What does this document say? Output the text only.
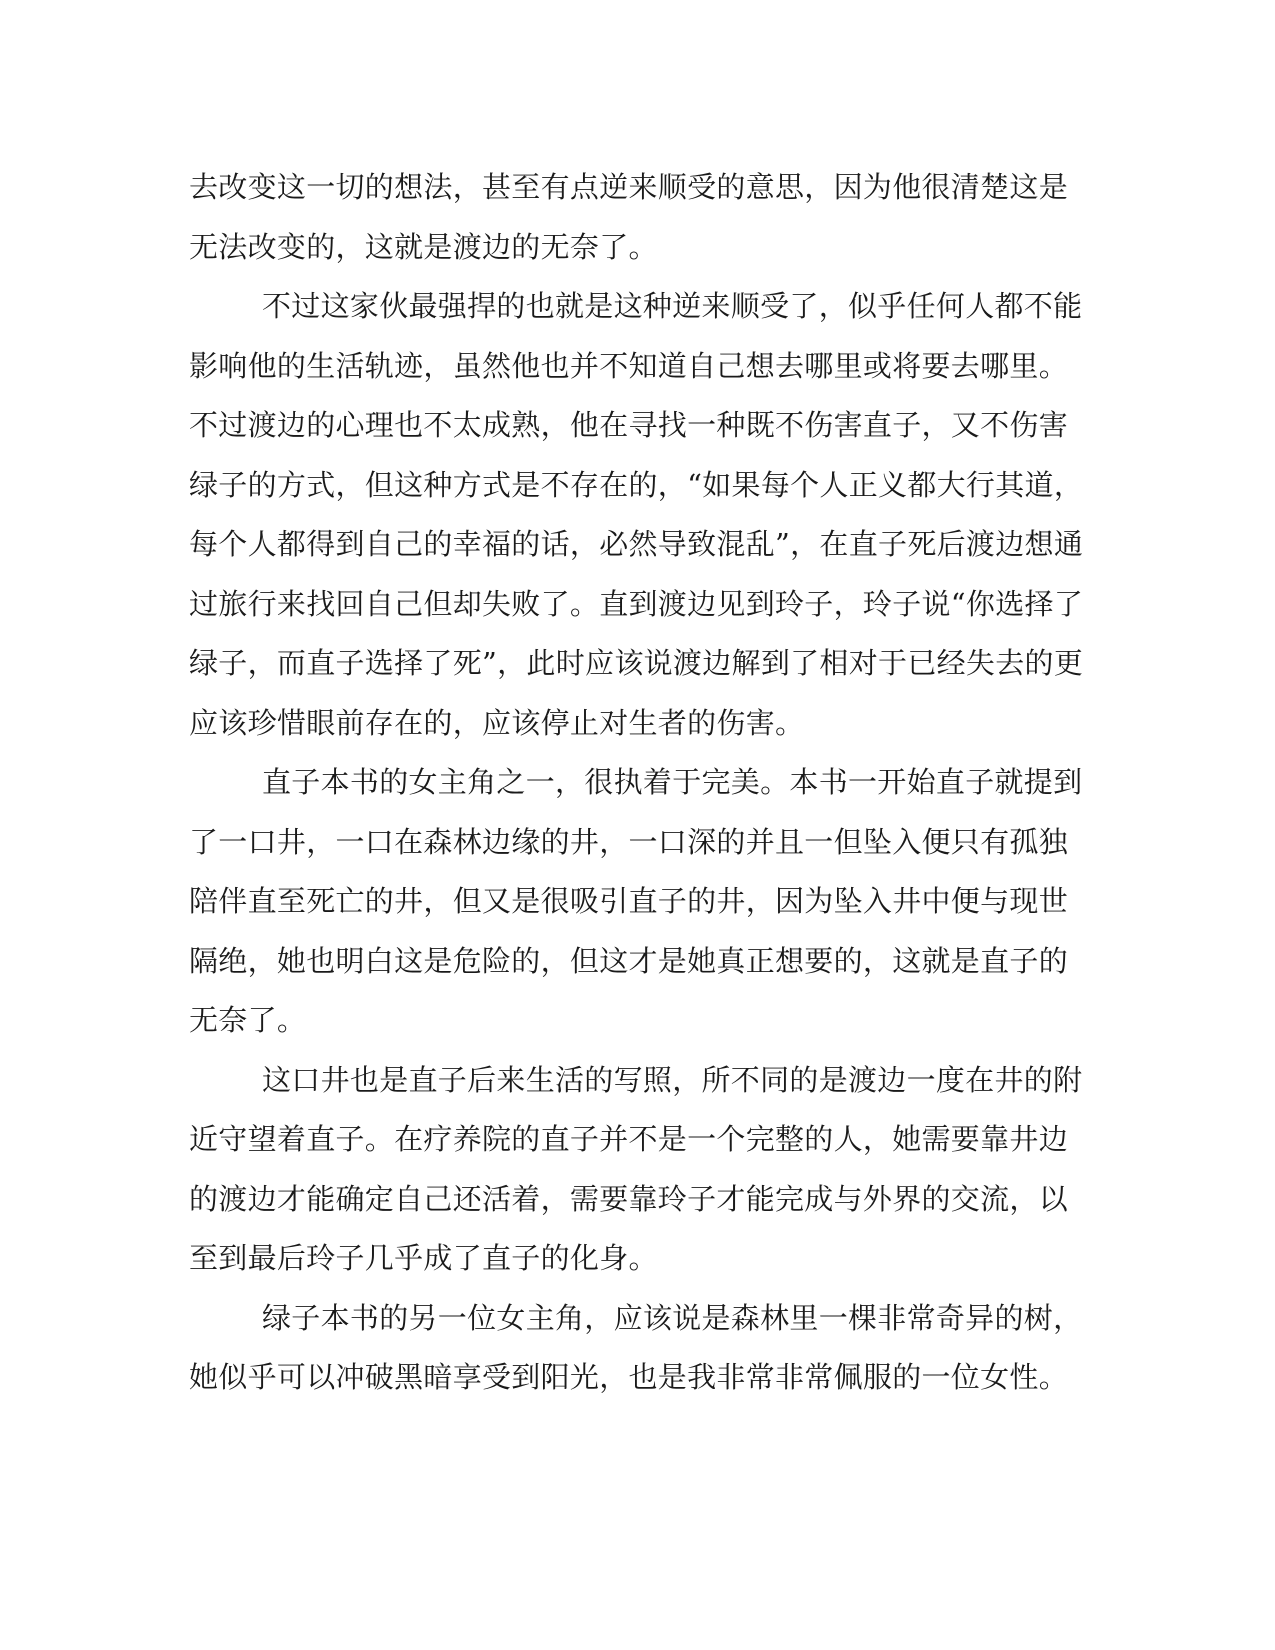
去改变这一切的想法，甚至有点逆来顺受的意思，因为他很清楚这是
无法改变的，这就是渡边的无奈了。
不过这家伙最强捍的也就是这种逆来顺受了，似乎任何人都不能
影响他的生活轨迹，虽然他也并不知道自己想去哪里或将要去哪里。
不过渡边的心理也不太成熟，他在寻找一种既不伤害直子，又不伤害
绿子的方式，但这种方式是不存在的，“如果每个人正义都大行其道，
每个人都得到自己的幸福的话，必然导致混乱”，在直子死后渡边想通
过旅行来找回自己但却失败了。直到渡边见到玲子，玲子说“你选择了
绿子，而直子选择了死”，此时应该说渡边解到了相对于已经失去的更
应该珍惜眼前存在的，应该停止对生者的伤害。
直子本书的女主角之一，很执着于完美。本书一开始直子就提到
了一口井，一口在森林边缘的井，一口深的并且一但坠入便只有孤独
陪伴直至死亡的井，但又是很吸引直子的井，因为坠入井中便与现世
隔绝，她也明白这是危险的，但这才是她真正想要的，这就是直子的
无奈了。
这口井也是直子后来生活的写照，所不同的是渡边一度在井的附
近守望着直子。在疗养院的直子并不是一个完整的人，她需要靠井边
的渡边才能确定自己还活着，需要靠玲子才能完成与外界的交流，以
至到最后玲子几乎成了直子的化身。
绿子本书的另一位女主角，应该说是森林里一棵非常奇异的树，
她似乎可以冲破黑暗享受到阳光，也是我非常非常佩服的一位女性。
